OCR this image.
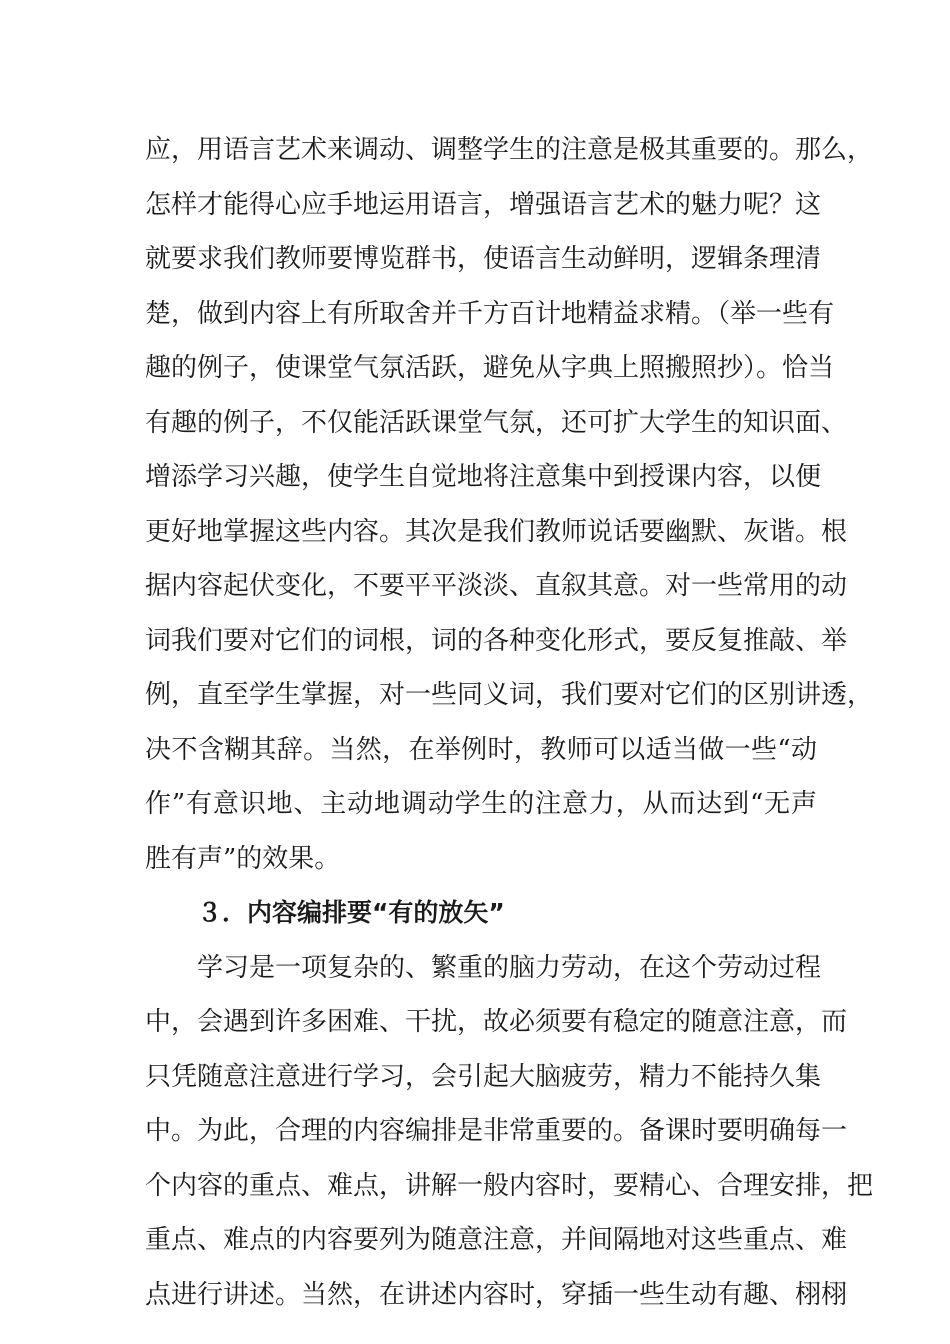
应，用语言艺术来调动、调整学生的注意是极其重要的。那么，
怎样才能得心应手地运用语言，增强语言艺术的魅力呢？这
就要求我们教师要博览群书，使语言生动鲜明，逻辑条理清
楚，做到内容上有所取舍并千方百计地精益求精。（举一些有
趣的例子，使课堂气氛活跃，避免从字典上照搬照抄）。恰当
有趣的例子，不仅能活跃课堂气氛，还可扩大学生的知识面、
增添学习兴趣，使学生自觉地将注意集中到授课内容，以便
更好地掌握这些内容。其次是我们教师说话要幽默、灰谐。根
据内容起伏变化，不要平平淡淡、直叙其意。对一些常用的动
词我们要对它们的词根，词的各种变化形式，要反复推敲、举
例，直至学生掌握，对一些同义词，我们要对它们的区别讲透，
决不含糊其辞。当然，在举例时，教师可以适当做一些“动
作”有意识地、主动地调动学生的注意力，从而达到“无声
胜有声”的效果。
３．内容编排要“有的放矢”
学习是一项复杂的、繁重的脑力劳动，在这个劳动过程
中，会遇到许多困难、干扰，故必须要有稳定的随意注意，而
只凭随意注意进行学习，会引起大脑疲劳，精力不能持久集
中。为此，合理的内容编排是非常重要的。备课时要明确每一
个内容的重点、难点，讲解一般内容时，要精心、合理安排，把
重点、难点的内容要列为随意注意，并间隔地对这些重点、难
点进行讲述。当然，在讲述内容时，穿插一些生动有趣、栩栩
